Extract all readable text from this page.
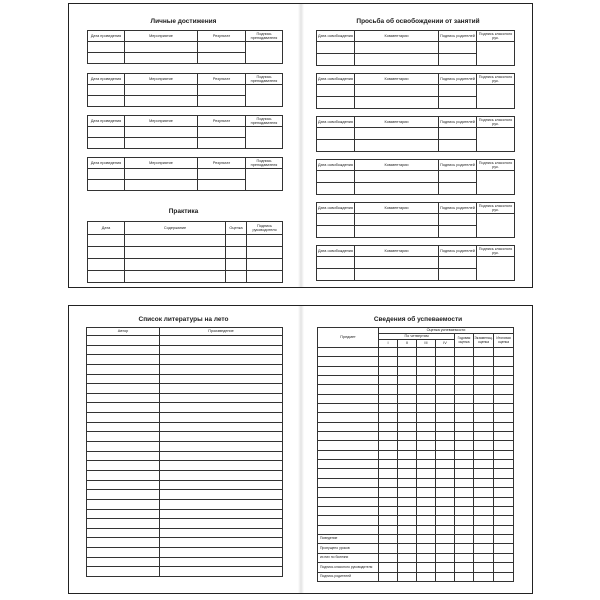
Личные достижения
Дата проведения	Мероприятие	Результат	Подпись преподавателя

Дата проведения	Мероприятие	Результат	Подпись преподавателя

Дата проведения	Мероприятие	Результат	Подпись преподавателя

Дата проведения	Мероприятие	Результат	Подпись преподавателя

Практика
Дата	Содержание	Оценка	Подпись руководителя

Просьба об освобождении от занятий
Дата освобождения	Комментарии	Подпись родителей	Подпись классного рук.

Дата освобождения	Комментарии	Подпись родителей	Подпись классного рук.

Дата освобождения	Комментарии	Подпись родителей	Подпись классного рук.

Дата освобождения	Комментарии	Подпись родителей	Подпись классного рук.

Дата освобождения	Комментарии	Подпись родителей	Подпись классного рук.

Дата освобождения	Комментарии	Подпись родителей	Подпись классного рук.

Список литературы на лето
Автор	Произведение

Сведения об успеваемости
Предмет	Оценка успеваемости						
	По четвертям				Годовая оценка	Экзаменац. оценка	Итоговая оценка
	I	II	III	IV			

Поведение							
Пропущено уроков							
из них по болезни							
Подпись классного руководителя							
Подпись родителей							
